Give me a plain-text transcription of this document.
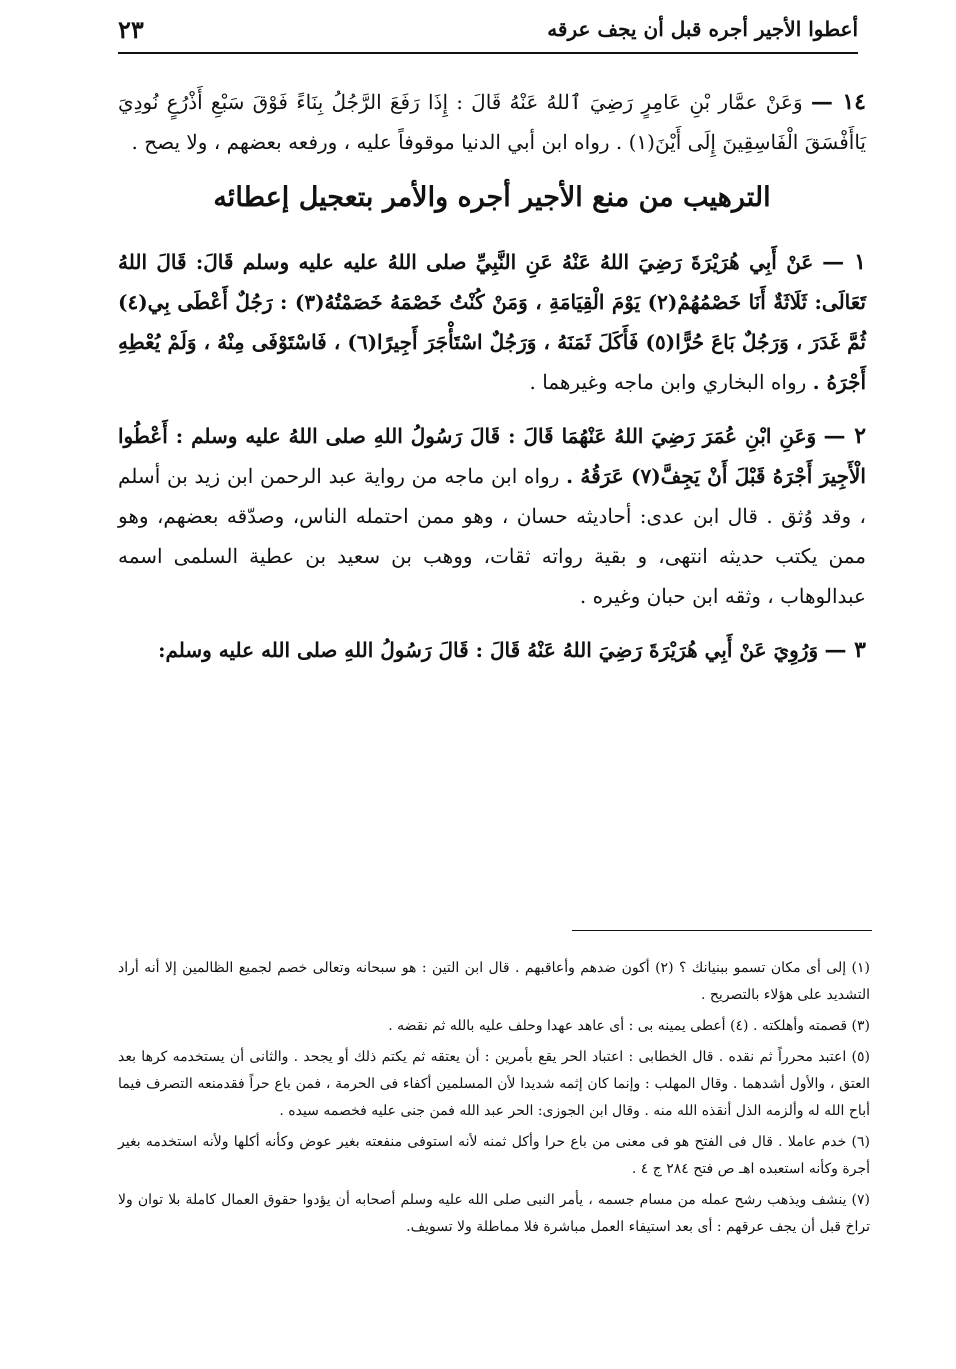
أعطوا الأجير أجره قبل أن يجف عرقه
٢٣

١٤ — وَعَنْ عمَّار بْنِ عَامِرٍ رَضِيَ ٱللهُ عَنْهُ قَالَ : إِذَا رَفَعَ الرَّجُلُ بِنَاءً فَوْقَ سَبْعِ أَذْرُعٍ نُودِيَ يَاأَفْسَقَ الْفَاسِقِينَ إِلَى أَيْنَ(١) . رواه ابن أبي الدنيا موقوفاً عليه ، ورفعه بعضهم ، ولا يصح .

الترهيب من منع الأجير أجره والأمر بتعجيل إعطائه

١ — عَنْ أَبِي هُرَيْرَةَ رَضِيَ اللهُ عَنْهُ عَنِ النَّبِيِّ صلى اللهُ عليه عليه وسلم قَالَ: قَالَ اللهُ تَعَالَى: ثَلَاثَةٌ أَنَا خَصْمُهُمْ(٢) يَوْمَ الْقِيَامَةِ ، وَمَنْ كُنْتُ خَصْمَهُ خَصَمْتُهُ(٣) : رَجُلٌ أَعْطَى بِي(٤) ثُمَّ غَدَرَ ، وَرَجُلٌ بَاعَ حُرًّا(٥) فَأَكَلَ ثَمَنَهُ ، وَرَجُلٌ اسْتَأْجَرَ أَجِيرًا(٦) ، فَاسْتَوْفَى مِنْهُ ، وَلَمْ يُعْطِهِ أَجْرَهُ . رواه البخاري وابن ماجه وغيرهما .

٢ — وَعَنِ ابْنِ عُمَرَ رَضِيَ اللهُ عَنْهُمَا قَالَ : قَالَ رَسُولُ اللهِ صلى اللهُ عليه وسلم : أَعْطُوا الْأَجِيرَ أَجْرَهُ قَبْلَ أَنْ يَجِفَّ(٧) عَرَقُهُ . رواه ابن ماجه من رواية عبد الرحمن ابن زيد بن أسلم ، وقد وُثق . قال ابن عدى: أحاديثه حسان ، وهو ممن احتمله الناس، وصدّقه بعضهم، وهو ممن يكتب حديثه انتهى، و بقية رواته ثقات، ووهب بن سعيد بن عطية السلمى اسمه عبدالوهاب ، وثقه ابن حبان وغيره .

٣ — وَرُوِيَ عَنْ أَبِي هُرَيْرَةَ رَضِيَ اللهُ عَنْهُ قَالَ : قَالَ رَسُولُ اللهِ صلى الله عليه وسلم:

(١) إلى أى مكان تسمو ببنيانك ؟ (٢) أكون ضدهم وأعاقبهم . قال ابن التين : هو سبحانه وتعالى خصم لجميع الظالمين إلا أنه أراد التشديد على هؤلاء بالتصريح .

(٣) قصمته وأهلكته . (٤) أعطى يمينه بى : أى عاهد عهدا وحلف عليه بالله ثم نقضه .

(٥) اعتبد محرراً ثم نقده . قال الخطابى : اعتباد الحر يقع بأمرين : أن يعتقه ثم يكتم ذلك أو يجحد . والثانى أن يستخدمه كرها بعد العتق ، والأول أشدهما . وقال المهلب : وإنما كان إثمه شديدا لأن المسلمين أكفاء فى الحرمة ، فمن باع حراً فقدمنعه التصرف فيما أباح الله له وألزمه الذل أنقذه الله منه . وقال ابن الجوزى: الحر عبد الله فمن جنى عليه فخصمه سيده .

(٦) خدم عاملا . قال فى الفتح هو فى معنى من باع حرا وأكل ثمنه لأنه استوفى منفعته بغير عوض وكأنه أكلها ولأنه استخدمه بغير أجرة وكأنه استعبده اهـ ص فتح ٢٨٤ ج ٤ .

(٧) ينشف ويذهب رشح عمله من مسام جسمه ، يأمر النبى صلى الله عليه وسلم أصحابه أن يؤدوا حقوق العمال كاملة بلا توان ولا تراخ قبل أن يجف عرقهم : أى بعد استيفاء العمل مباشرة فلا مماطلة ولا تسويف.
